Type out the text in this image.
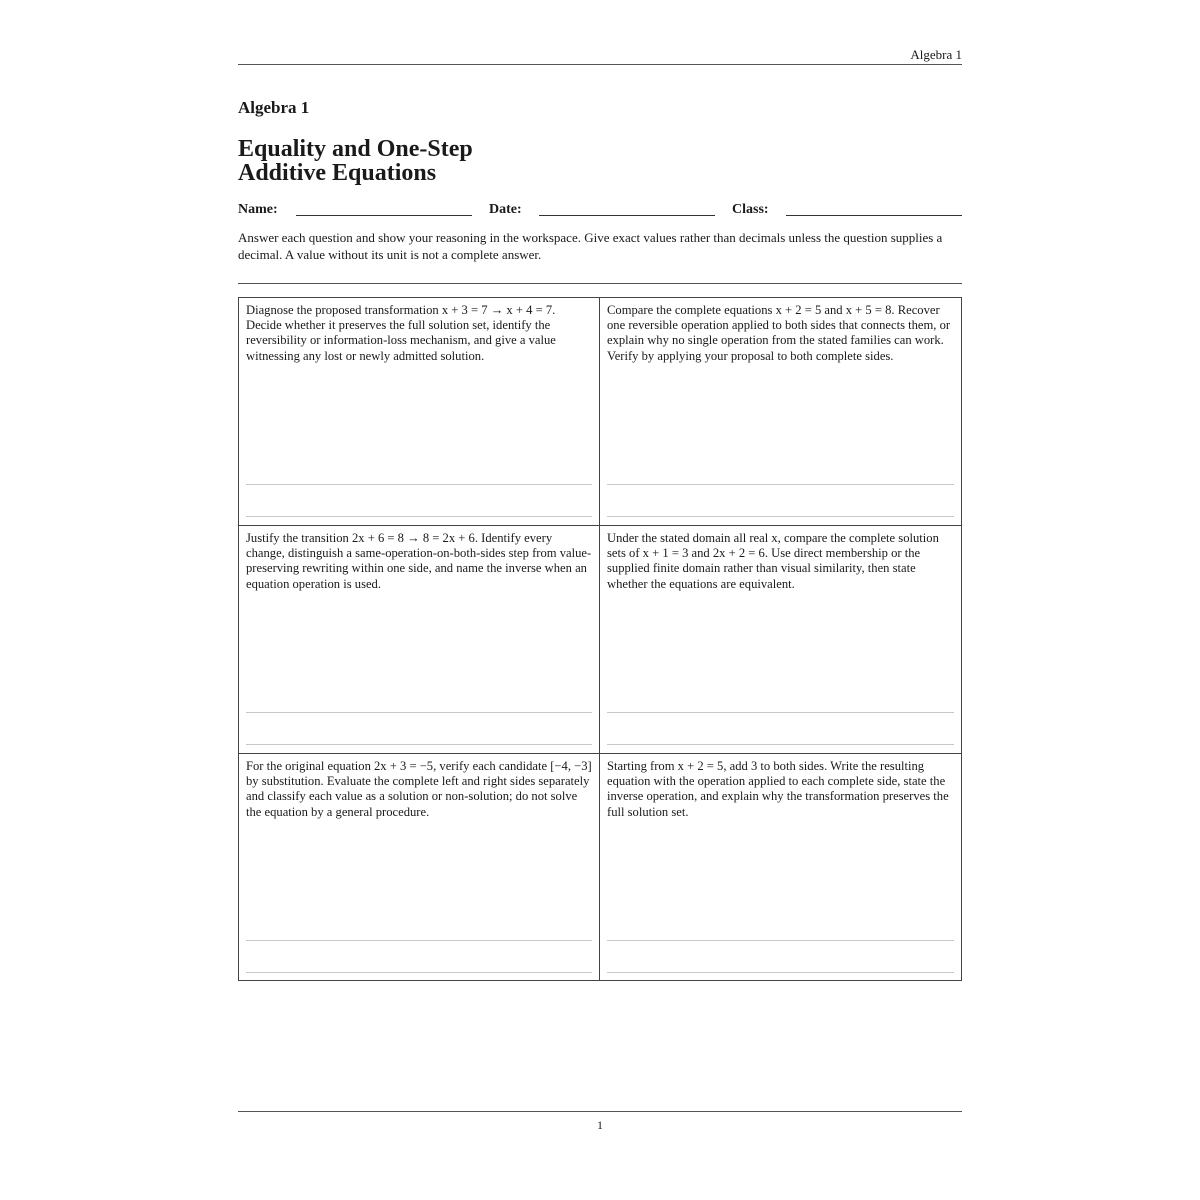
Algebra 1
Algebra 1
Equality and One-Step
Additive Equations
Name:	Date:	Class:
Answer each question and show your reasoning in the workspace. Give exact values rather than decimals unless the question supplies a decimal. A value without its unit is not a complete answer.
Diagnose the proposed transformation x + 3 = 7 → x + 4 = 7. Decide whether it preserves the full solution set, identify the reversibility or information-loss mechanism, and give a value witnessing any lost or newly admitted solution.
Compare the complete equations x + 2 = 5 and x + 5 = 8. Recover one reversible operation applied to both sides that connects them, or explain why no single operation from the stated families can work. Verify by applying your proposal to both complete sides.
Justify the transition 2x + 6 = 8 → 8 = 2x + 6. Identify every change, distinguish a same-operation-on-both-sides step from value-preserving rewriting within one side, and name the inverse when an equation operation is used.
Under the stated domain all real x, compare the complete solution sets of x + 1 = 3 and 2x + 2 = 6. Use direct membership or the supplied finite domain rather than visual similarity, then state whether the equations are equivalent.
For the original equation 2x + 3 = −5, verify each candidate [−4, −3] by substitution. Evaluate the complete left and right sides separately and classify each value as a solution or non-solution; do not solve the equation by a general procedure.
Starting from x + 2 = 5, add 3 to both sides. Write the resulting equation with the operation applied to each complete side, state the inverse operation, and explain why the transformation preserves the full solution set.
1
